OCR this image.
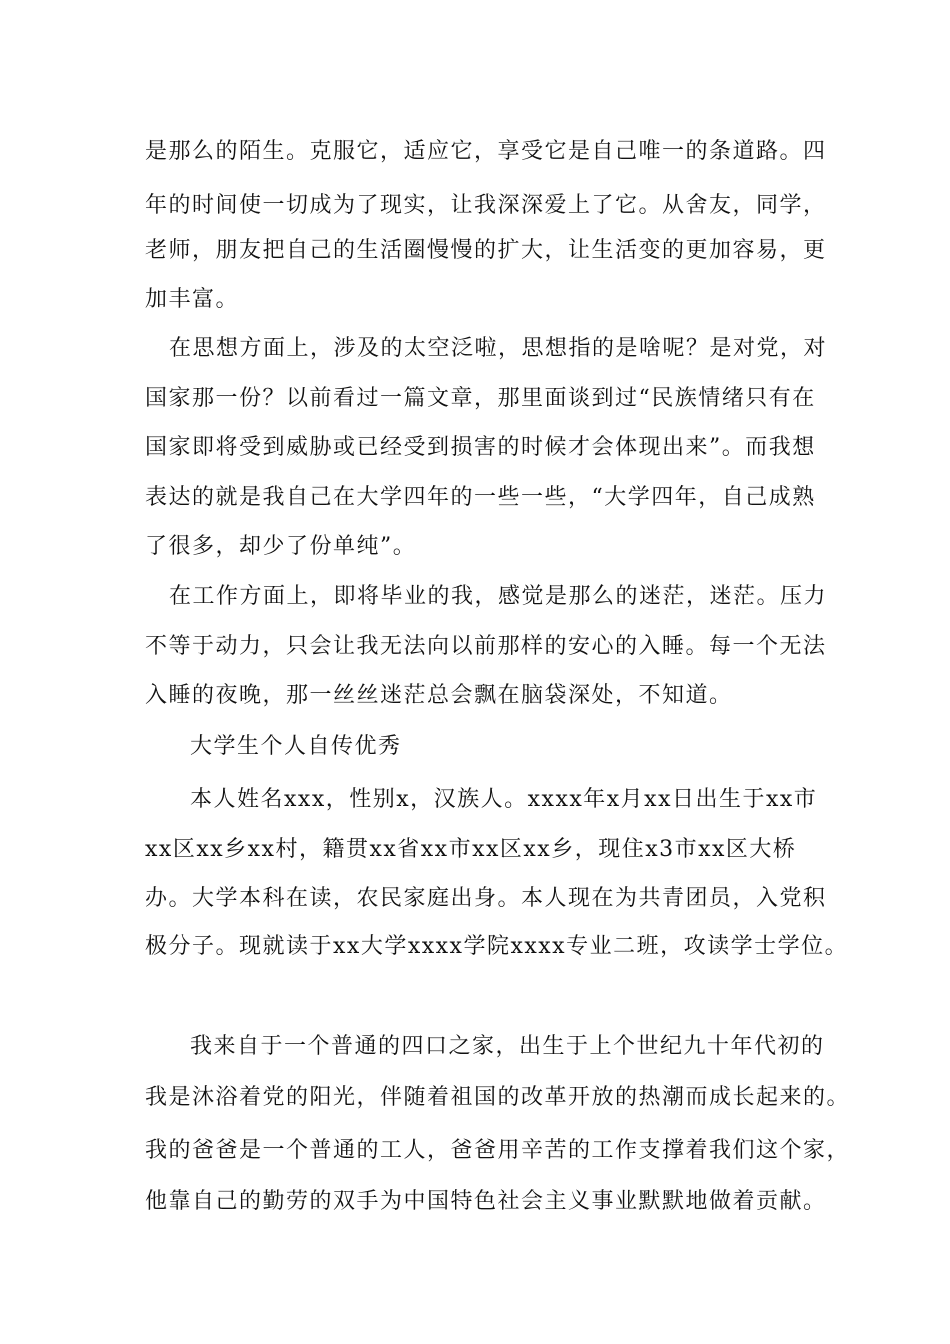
是那么的陌生。克服它，适应它，享受它是自己唯一的条道路。四
年的时间使一切成为了现实，让我深深爱上了它。从舍友，同学，
老师，朋友把自己的生活圈慢慢的扩大，让生活变的更加容易，更
加丰富。
在思想方面上，涉及的太空泛啦，思想指的是啥呢？是对党，对
国家那一份？以前看过一篇文章，那里面谈到过“民族情绪只有在
国家即将受到威胁或已经受到损害的时候才会体现出来”。而我想
表达的就是我自己在大学四年的一些一些，“大学四年，自己成熟
了很多，却少了份单纯”。
在工作方面上，即将毕业的我，感觉是那么的迷茫，迷茫。压力
不等于动力，只会让我无法向以前那样的安心的入睡。每一个无法
入睡的夜晚，那一丝丝迷茫总会飘在脑袋深处，不知道。
大学生个人自传优秀
本人姓名xxx，性别x，汉族人。xxxx年x月xx日出生于xx市
xx区xx乡xx村，籍贯xx省xx市xx区xx乡，现住x3市xx区大桥
办。大学本科在读，农民家庭出身。本人现在为共青团员，入党积
极分子。现就读于xx大学xxxx学院xxxx专业二班，攻读学士学位。
我来自于一个普通的四口之家，出生于上个世纪九十年代初的
我是沐浴着党的阳光，伴随着祖国的改革开放的热潮而成长起来的。
我的爸爸是一个普通的工人，爸爸用辛苦的工作支撑着我们这个家，
他靠自己的勤劳的双手为中国特色社会主义事业默默地做着贡献。
